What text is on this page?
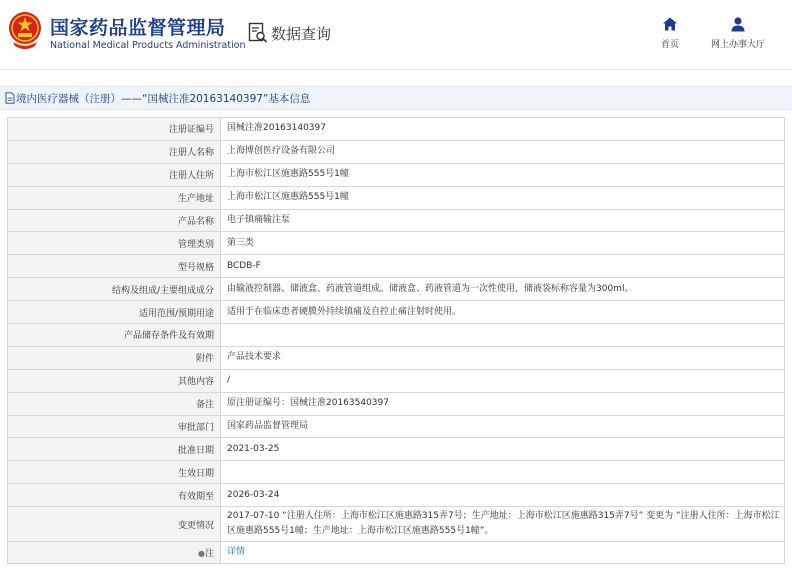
国家药品监督管理局
National Medical Products Administration
数据查询
首页	网上办事大厅
境内医疗器械（注册）——“国械注准20163140397”基本信息
注册证编号	国械注准20163140397
注册人名称	上海博创医疗设备有限公司
注册人住所	上海市松江区施惠路555号1幢
生产地址	上海市松江区施惠路555号1幢
产品名称	电子镇痛输注泵
管理类别	第三类
型号规格	BCDB-F
结构及组成/主要组成成分	由输液控制器、储液盒、药液管道组成。储液盒、药液管道为一次性使用，储液袋标称容量为300ml。
适用范围/预期用途	适用于在临床患者硬膜外持续镇痛及自控止痛注射时使用。
产品储存条件及有效期	
附件	产品技术要求
其他内容	/
备注	原注册证编号：国械注准20163540397
审批部门	国家药品监督管理局
批准日期	2021-03-25
生效日期	
有效期至	2026-03-24
变更情况	2017-07-10 “注册人住所：上海市松江区施惠路315弄7号；生产地址：上海市松江区施惠路315弄7号” 变更为 “注册人住所：上海市松江区施惠路555号1幢；生产地址：上海市松江区施惠路555号1幢”。
●注	详情
